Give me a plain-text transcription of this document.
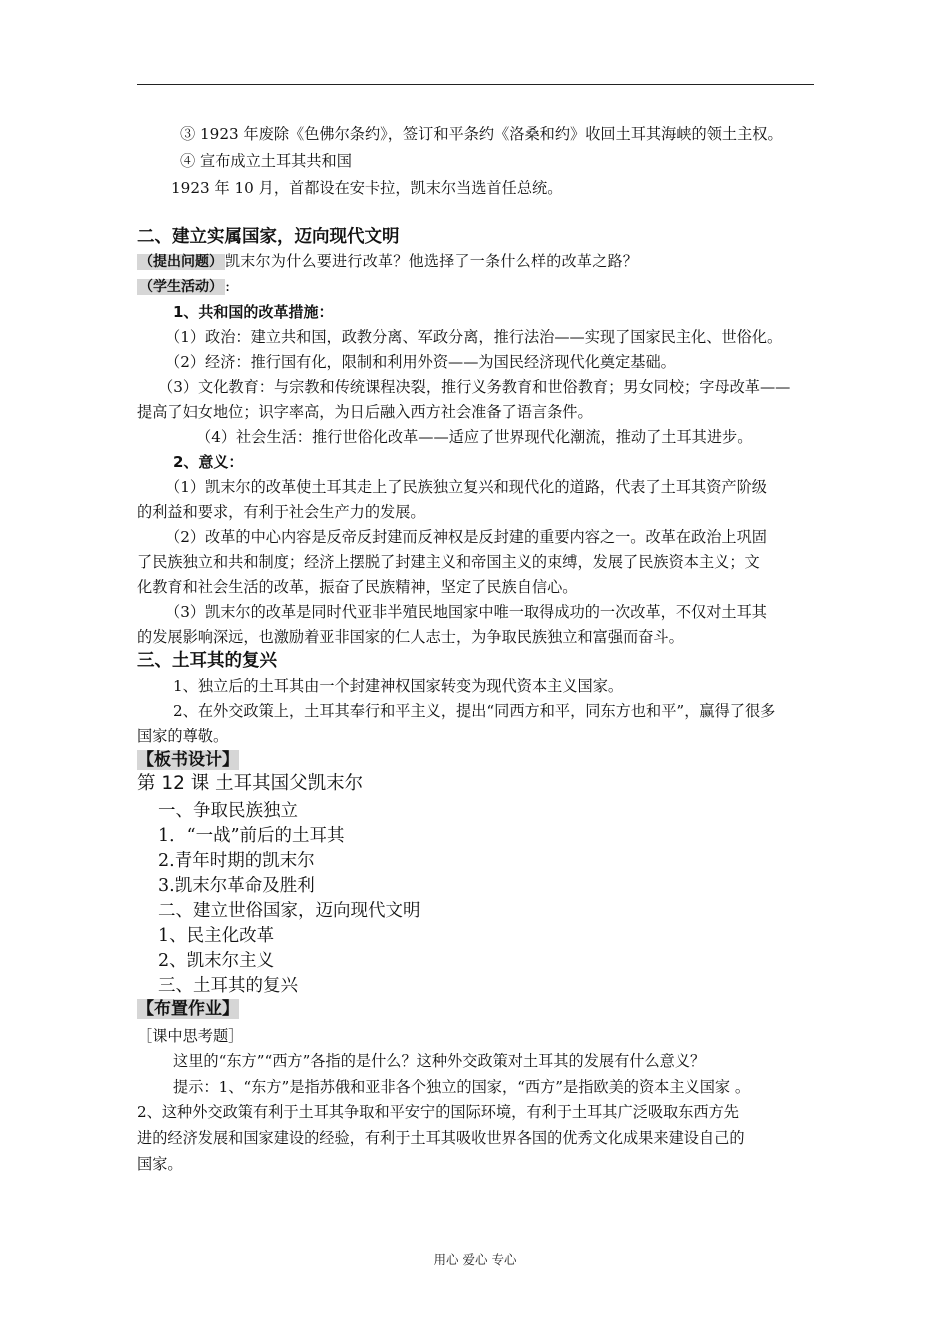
③ 1923 年废除《色佛尔条约》，签订和平条约《洛桑和约》收回土耳其海峡的领土主权。
④ 宣布成立土耳其共和国
1923 年 10 月，首都设在安卡拉，凯末尔当选首任总统。
二、建立实属国家，迈向现代文明
（提出问题） 凯末尔为什么要进行改革？他选择了一条什么样的改革之路？
（学生活动） :
1、共和国的改革措施：
（1）政治：建立共和国，政教分离、军政分离，推行法治——实现了国家民主化、世俗化。
（2）经济：推行国有化，限制和利用外资——为国民经济现代化奠定基础。
（3）文化教育：与宗教和传统课程决裂，推行义务教育和世俗教育；男女同校；字母改革——
提高了妇女地位；识字率高，为日后融入西方社会准备了语言条件。
（4）社会生活：推行世俗化改革——适应了世界现代化潮流，推动了土耳其进步。
2、意义：
（1）凯末尔的改革使土耳其走上了民族独立复兴和现代化的道路，代表了土耳其资产阶级
的利益和要求，有利于社会生产力的发展。
（2）改革的中心内容是反帝反封建而反神权是反封建的重要内容之一。改革在政治上巩固
了民族独立和共和制度；经济上摆脱了封建主义和帝国主义的束缚，发展了民族资本主义；文
化教育和社会生活的改革，振奋了民族精神，坚定了民族自信心。
（3）凯末尔的改革是同时代亚非半殖民地国家中唯一取得成功的一次改革，不仅对土耳其
的发展影响深远，也激励着亚非国家的仁人志士，为争取民族独立和富强而奋斗。
三、土耳其的复兴
1、独立后的土耳其由一个封建神权国家转变为现代资本主义国家。
2、在外交政策上，土耳其奉行和平主义，提出“同西方和平，同东方也和平”，赢得了很多
国家的尊敬。
【板书设计】
第 12 课 土耳其国父凯末尔
一、争取民族独立
1．“一战”前后的土耳其
2.青年时期的凯末尔
3.凯末尔革命及胜利
二、建立世俗国家，迈向现代文明
1、民主化改革
2、凯末尔主义
三、土耳其的复兴
【布置作业】
［课中思考题］
这里的“东方”“西方”各指的是什么？这种外交政策对土耳其的发展有什么意义？
提示：1、“东方”是指苏俄和亚非各个独立的国家，“西方”是指欧美的资本主义国家 。
2、这种外交政策有利于土耳其争取和平安宁的国际环境，有利于土耳其广泛吸取东西方先
进的经济发展和国家建设的经验，有利于土耳其吸收世界各国的优秀文化成果来建设自己的
国家。
用心 爱心 专心
